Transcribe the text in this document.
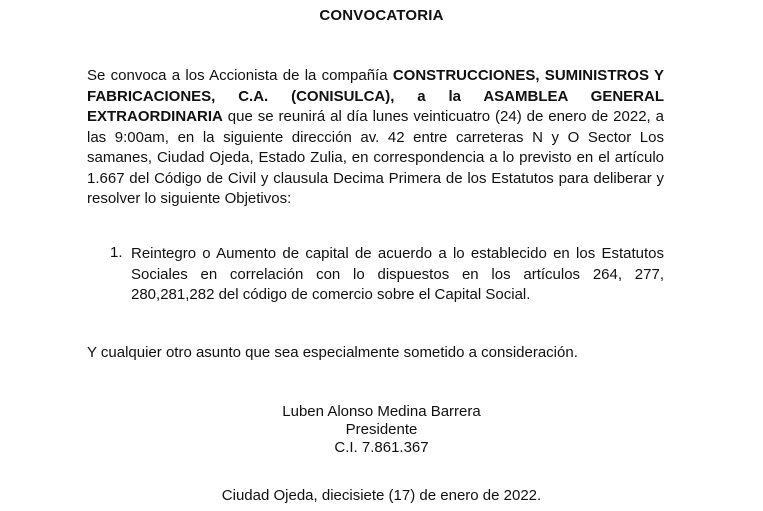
CONVOCATORIA
Se convoca a los Accionista de la compañía CONSTRUCCIONES, SUMINISTROS Y FABRICACIONES, C.A. (CONISULCA), a la ASAMBLEA GENERAL EXTRAORDINARIA que se reunirá al día lunes veinticuatro (24) de enero de 2022, a las 9:00am, en la siguiente dirección av. 42 entre carreteras N y O Sector Los samanes, Ciudad Ojeda, Estado Zulia, en correspondencia a lo previsto en el artículo 1.667 del Código de Civil y clausula Decima Primera de los Estatutos para deliberar y resolver lo siguiente Objetivos:
1. Reintegro o Aumento de capital de acuerdo a lo establecido en los Estatutos Sociales en correlación con lo dispuestos en los artículos 264, 277, 280,281,282 del código de comercio sobre el Capital Social.
Y cualquier otro asunto que sea especialmente sometido a consideración.
Luben Alonso Medina Barrera
Presidente
C.I. 7.861.367
Ciudad Ojeda, diecisiete (17) de enero de 2022.
